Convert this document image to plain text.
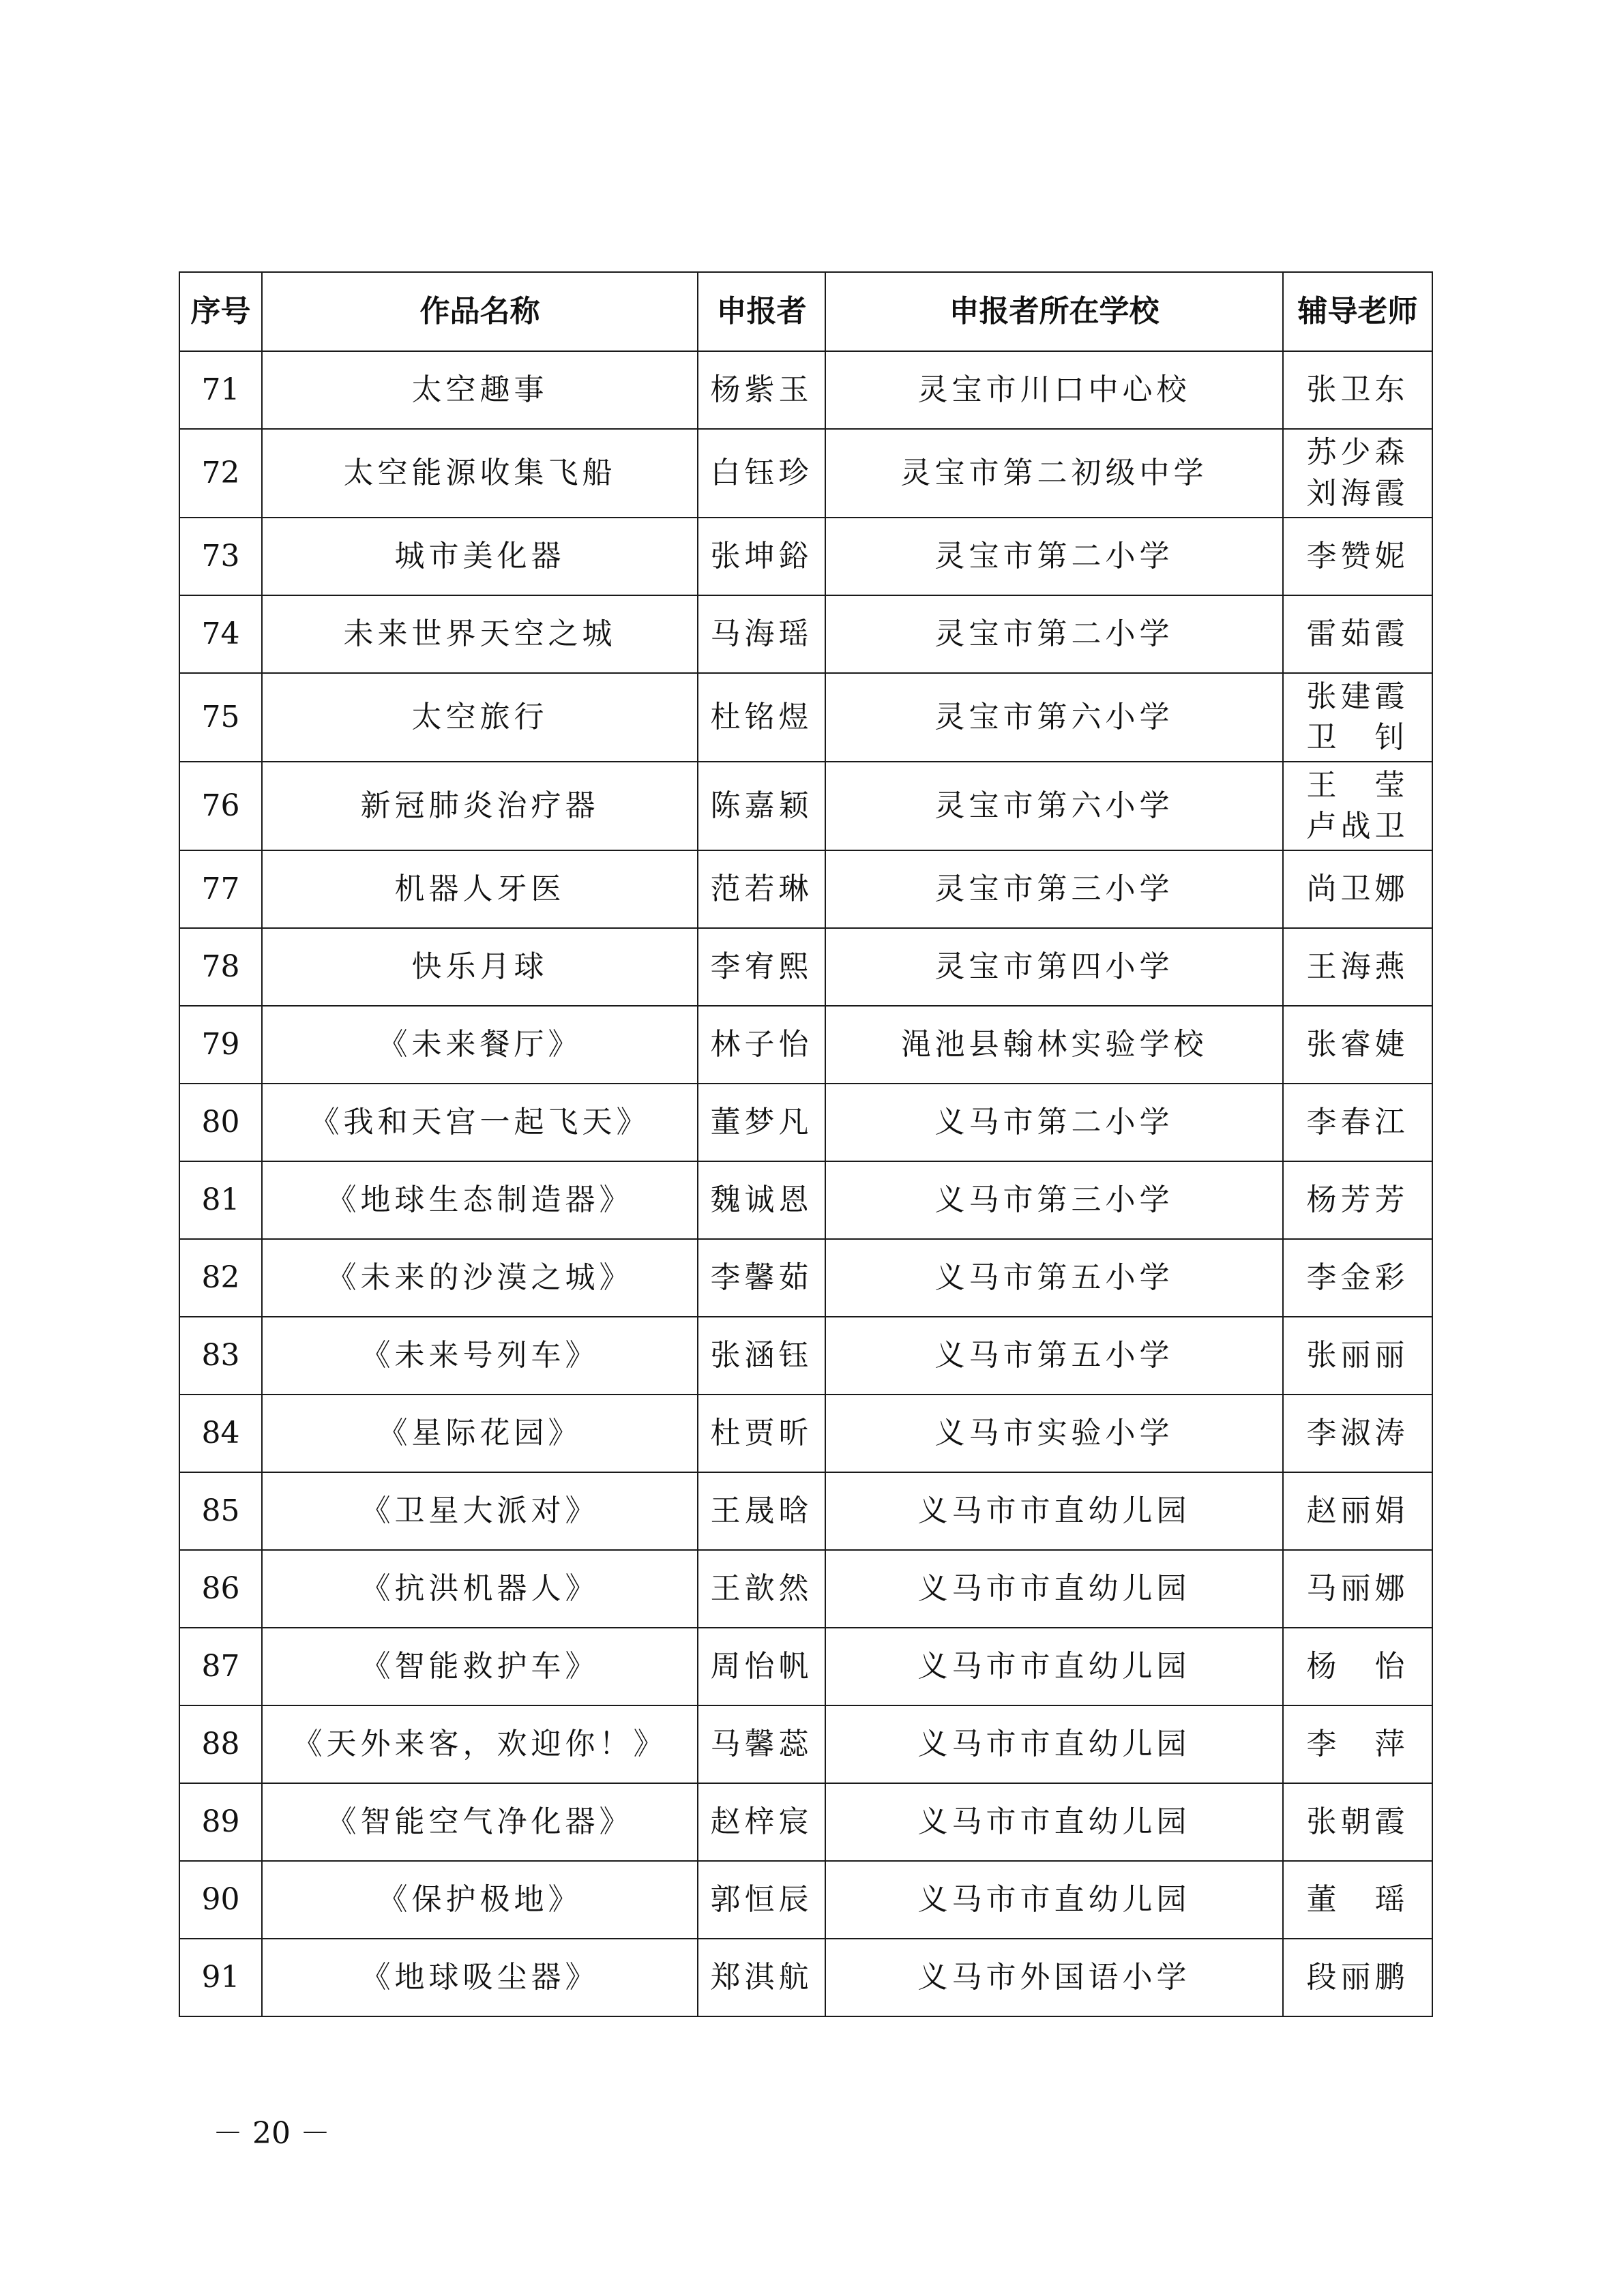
序号	作品名称	申报者	申报者所在学校	辅导老师
71	太空趣事	杨紫玉	灵宝市川口中心校	张卫东

72	太空能源收集飞船	白钰珍	灵宝市第二初级中学	苏少森
刘海霞

73	城市美化器	张坤鋊	灵宝市第二小学	李赞妮

74	未来世界天空之城	马海瑶	灵宝市第二小学	雷茹霞

75	太空旅行	杜铭煜	灵宝市第六小学	张建霞
卫　钊

76	新冠肺炎治疗器	陈嘉颖	灵宝市第六小学	王　莹
卢战卫

77	机器人牙医	范若琳	灵宝市第三小学	尚卫娜

78	快乐月球	李宥熙	灵宝市第四小学	王海燕

79	《未来餐厅》	林子怡	渑池县翰林实验学校	张睿婕

80	《我和天宫一起飞天》	董梦凡	义马市第二小学	李春江

81	《地球生态制造器》	魏诚恩	义马市第三小学	杨芳芳

82	《未来的沙漠之城》	李馨茹	义马市第五小学	李金彩

83	《未来号列车》	张涵钰	义马市第五小学	张丽丽

84	《星际花园》	杜贾昕	义马市实验小学	李淑涛

85	《卫星大派对》	王晟晗	义马市市直幼儿园	赵丽娟

86	《抗洪机器人》	王歆然	义马市市直幼儿园	马丽娜

87	《智能救护车》	周怡帆	义马市市直幼儿园	杨　怡

88	《天外来客，欢迎你！》	马馨蕊	义马市市直幼儿园	李　萍

89	《智能空气净化器》	赵梓宸	义马市市直幼儿园	张朝霞

90	《保护极地》	郭恒辰	义马市市直幼儿园	董　瑶

91	《地球吸尘器》	郑淇航	义马市外国语小学	段丽鹏
－ 20 －
